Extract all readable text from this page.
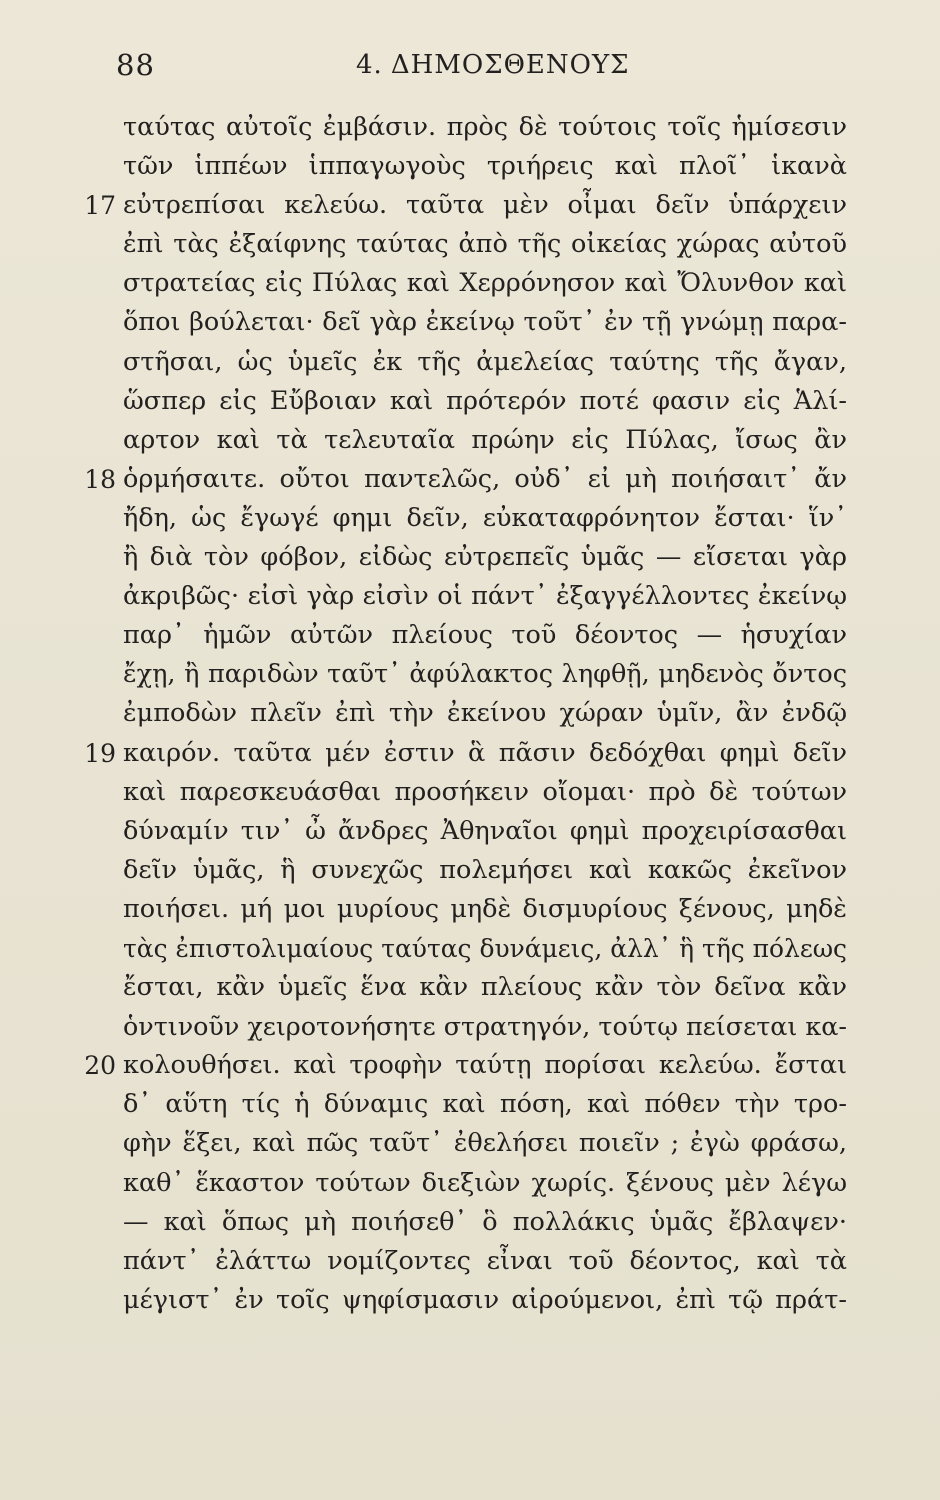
88	4. ΔΗΜΟΣΘΕΝΟΥΣ
ταύτας αὐτοῖς ἐμβάσιν. πρὸς δὲ τούτοις τοῖς ἡμίσεσιν
τῶν ἱππέων ἱππαγωγοὺς τριήρεις καὶ πλοῖ᾽ ἱκανὰ
17 εὐτρεπίσαι κελεύω. ταῦτα μὲν οἶμαι δεῖν ὑπάρχειν
ἐπὶ τὰς ἐξαίφνης ταύτας ἀπὸ τῆς οἰκείας χώρας αὐτοῦ
στρατείας εἰς Πύλας καὶ Χερρόνησον καὶ Ὄλυνθον καὶ
ὅποι βούλεται· δεῖ γὰρ ἐκείνῳ τοῦτ᾽ ἐν τῇ γνώμῃ παρα-
στῆσαι, ὡς ὑμεῖς ἐκ τῆς ἀμελείας ταύτης τῆς ἄγαν,
ὥσπερ εἰς Εὔβοιαν καὶ πρότερόν ποτέ φασιν εἰς Ἁλί-
αρτον καὶ τὰ τελευταῖα πρώην εἰς Πύλας, ἴσως ἂν
18 ὁρμήσαιτε. οὔτοι παντελῶς, οὐδ᾽ εἰ μὴ ποιήσαιτ᾽ ἄν
ἤδη, ὡς ἔγωγέ φημι δεῖν, εὐκαταφρόνητον ἔσται· ἵν᾽
ἢ διὰ τὸν φόβον, εἰδὼς εὐτρεπεῖς ὑμᾶς — εἴσεται γὰρ
ἀκριβῶς· εἰσὶ γὰρ εἰσὶν οἱ πάντ᾽ ἐξαγγέλλοντες ἐκείνῳ
παρ᾽ ἡμῶν αὐτῶν πλείους τοῦ δέοντος — ἡσυχίαν
ἔχῃ, ἢ παριδὼν ταῦτ᾽ ἀφύλακτος ληφθῇ, μηδενὸς ὄντος
ἐμποδὼν πλεῖν ἐπὶ τὴν ἐκείνου χώραν ὑμῖν, ἂν ἐνδῷ
19 καιρόν. ταῦτα μέν ἐστιν ἃ πᾶσιν δεδόχθαι φημὶ δεῖν
καὶ παρεσκευάσθαι προσήκειν οἴομαι· πρὸ δὲ τούτων
δύναμίν τιν᾽ ὦ ἄνδρες Ἀθηναῖοι φημὶ προχειρίσασθαι
δεῖν ὑμᾶς, ἣ συνεχῶς πολεμήσει καὶ κακῶς ἐκεῖνον
ποιήσει. μή μοι μυρίους μηδὲ δισμυρίους ξένους, μηδὲ
τὰς ἐπιστολιμαίους ταύτας δυνάμεις, ἀλλ᾽ ἣ τῆς πόλεως
ἔσται, κἂν ὑμεῖς ἕνα κἂν πλείους κἂν τὸν δεῖνα κἂν
ὁντινοῦν χειροτονήσητε στρατηγόν, τούτῳ πείσεται κα-
20 κολουθήσει. καὶ τροφὴν ταύτῃ πορίσαι κελεύω. ἔσται
δ᾽ αὕτη τίς ἡ δύναμις καὶ πόση, καὶ πόθεν τὴν τρο-
φὴν ἕξει, καὶ πῶς ταῦτ᾽ ἐθελήσει ποιεῖν ; ἐγὼ φράσω,
καθ᾽ ἕκαστον τούτων διεξιὼν χωρίς. ξένους μὲν λέγω
— καὶ ὅπως μὴ ποιήσεθ᾽ ὃ πολλάκις ὑμᾶς ἔβλαψεν·
πάντ᾽ ἐλάττω νομίζοντες εἶναι τοῦ δέοντος, καὶ τὰ
μέγιστ᾽ ἐν τοῖς ψηφίσμασιν αἱρούμενοι, ἐπὶ τῷ πράτ-
